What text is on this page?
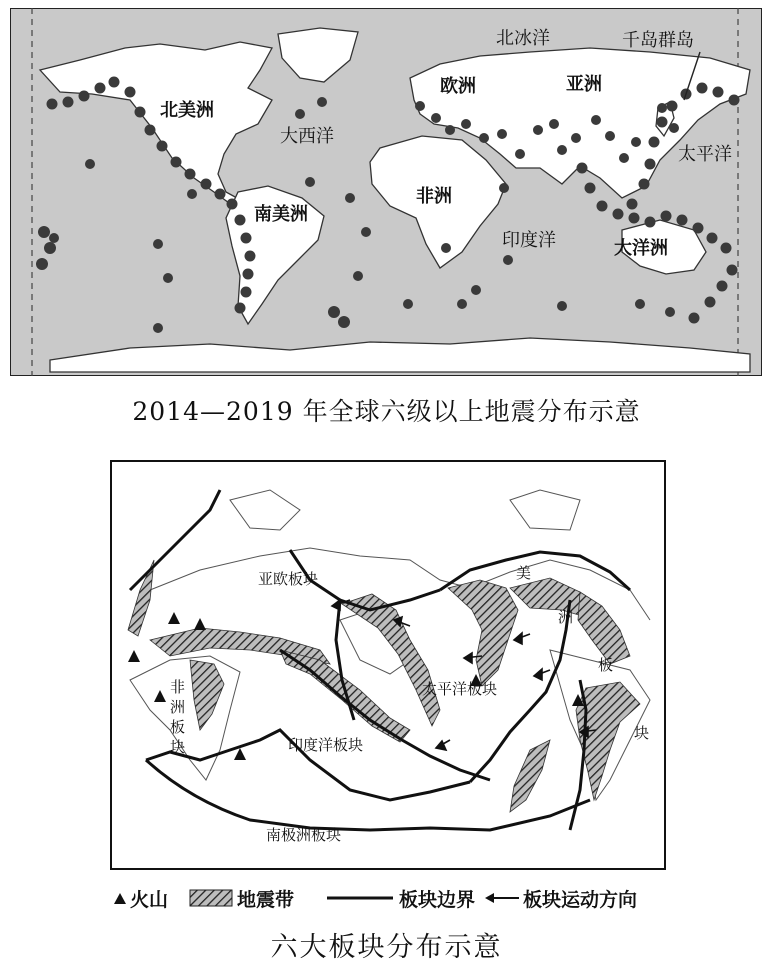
北美洲
南美洲
欧洲	亚洲
非洲
大洋洲
大西洋
太平洋
印度洋
北冰洋	千岛群岛
2014—2019 年全球六级以上地震分布示意
亚欧板块
太平洋板块
印度洋板块
南极洲板块
非
洲
板
块
美
洲
板
块
火山	地震带	板块边界	板块运动方向
六大板块分布示意
